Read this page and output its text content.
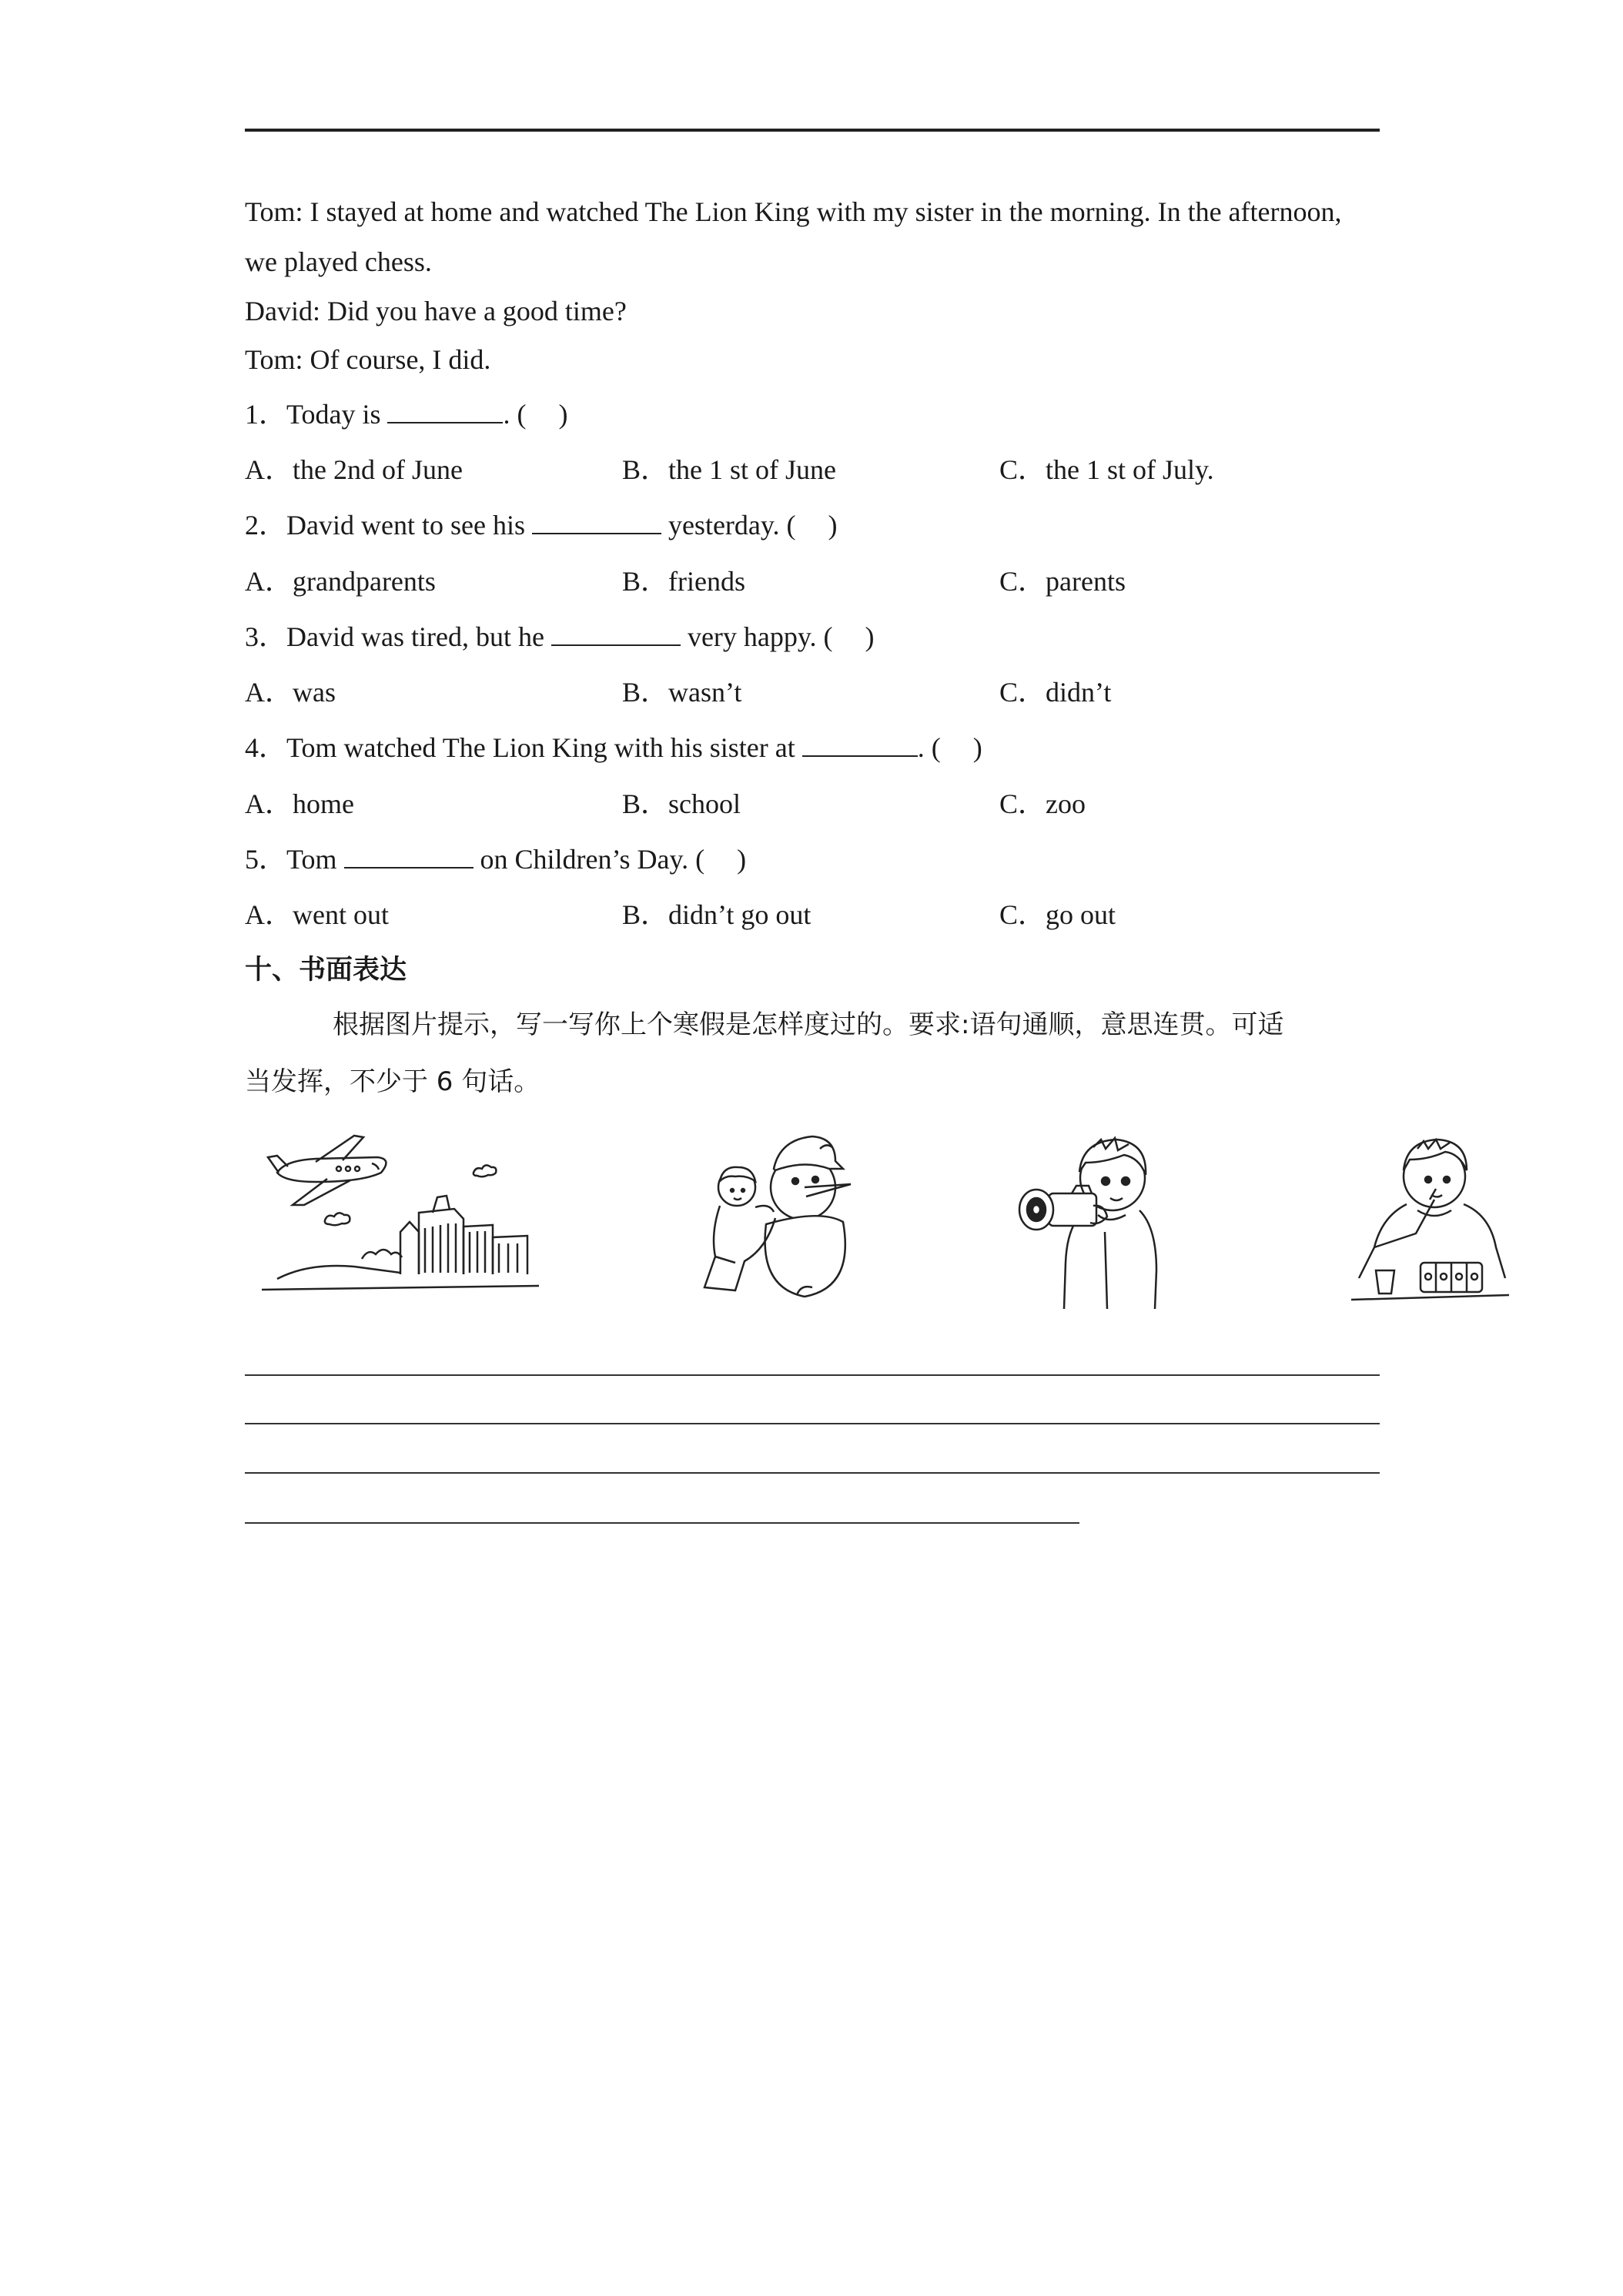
Tom: I stayed at home and watched The Lion King with my sister in the morning. In the afternoon,
we played chess.
David: Did you have a good time?
Tom: Of course, I did.
1．Today is	. ( )
A．the 2nd of June	B．the 1 st of June	C．the 1 st of July.
2．David went to see his	yesterday. ( )
A．grandparents	B．friends	C．parents
3．David was tired, but he	very happy. ( )
A．was	B．wasn’t	C．didn’t
4．Tom watched The Lion King with his sister at	. ( )
A．home	B．school	C．zoo
5．Tom	on Children’s Day. ( )
A．went out	B．didn’t go out	C．go out
十、书面表达
根据图片提示，写一写你上个寒假是怎样度过的。要求:语句通顺，意思连贯。可适
当发挥，不少于 6 句话。
